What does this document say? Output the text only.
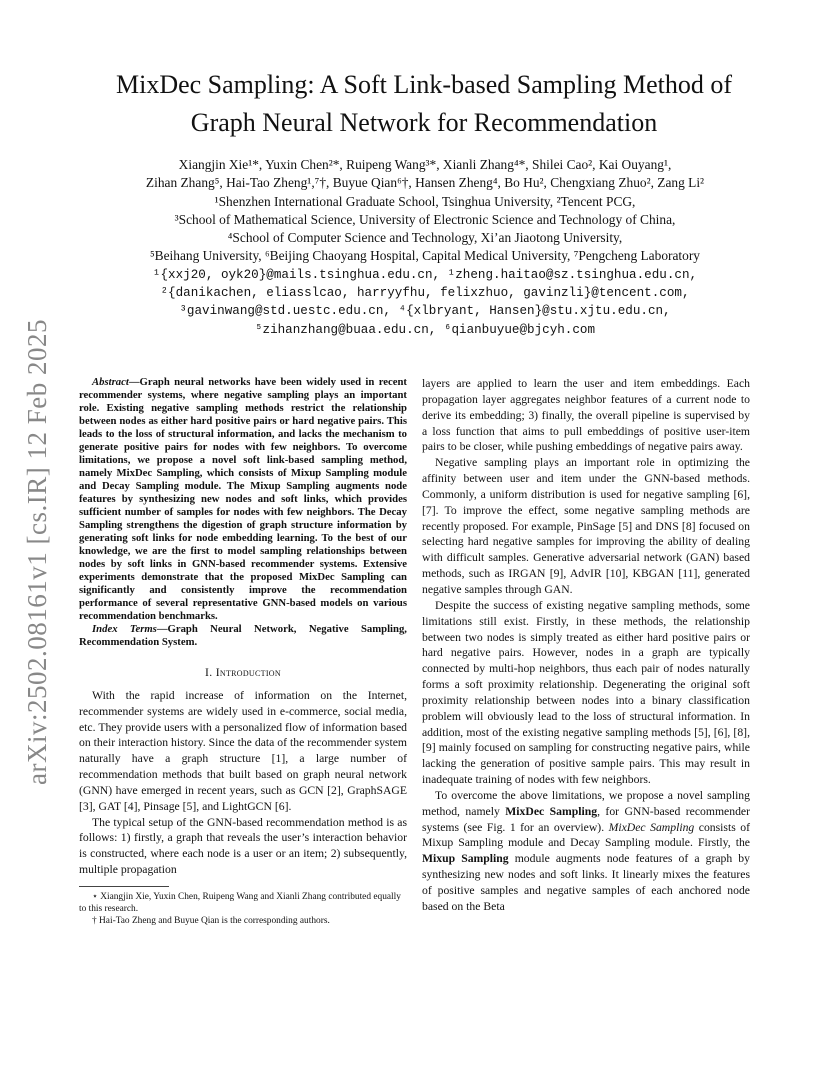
arXiv:2502.08161v1 [cs.IR] 12 Feb 2025
MixDec Sampling: A Soft Link-based Sampling Method of
Graph Neural Network for Recommendation
Xiangjin Xie¹*, Yuxin Chen²*, Ruipeng Wang³*, Xianli Zhang⁴*, Shilei Cao², Kai Ouyang¹,
Zihan Zhang⁵, Hai-Tao Zheng¹,⁷†, Buyue Qian⁶†, Hansen Zheng⁴, Bo Hu², Chengxiang Zhuo², Zang Li²
¹Shenzhen International Graduate School, Tsinghua University, ²Tencent PCG,
³School of Mathematical Science, University of Electronic Science and Technology of China,
⁴School of Computer Science and Technology, Xi’an Jiaotong University,
⁵Beihang University, ⁶Beijing Chaoyang Hospital, Capital Medical University, ⁷Pengcheng Laboratory
¹{xxj20, oyk20}@mails.tsinghua.edu.cn, ¹zheng.haitao@sz.tsinghua.edu.cn,
²{danikachen, eliasslcao, harryyfhu, felixzhuo, gavinzli}@tencent.com,
³gavinwang@std.uestc.edu.cn, ⁴{xlbryant, Hansen}@stu.xjtu.edu.cn,
⁵zihanzhang@buaa.edu.cn, ⁶qianbuyue@bjcyh.com

Abstract—Graph neural networks have been widely used in recent recommender systems, where negative sampling plays an important role. Existing negative sampling methods restrict the relationship between nodes as either hard positive pairs or hard negative pairs. This leads to the loss of structural information, and lacks the mechanism to generate positive pairs for nodes with few neighbors. To overcome limitations, we propose a novel soft link-based sampling method, namely MixDec Sampling, which consists of Mixup Sampling module and Decay Sampling module. The Mixup Sampling augments node features by synthesizing new nodes and soft links, which provides sufficient number of samples for nodes with few neighbors. The Decay Sampling strengthens the digestion of graph structure information by generating soft links for node embedding learning. To the best of our knowledge, we are the first to model sampling relationships between nodes by soft links in GNN-based recommender systems. Extensive experiments demonstrate that the proposed MixDec Sampling can significantly and consistently improve the recommendation performance of several representative GNN-based models on various recommendation benchmarks.

Index Terms—Graph Neural Network, Negative Sampling, Recommendation System.

I. Introduction

With the rapid increase of information on the Internet, recommender systems are widely used in e-commerce, social media, etc. They provide users with a personalized flow of information based on their interaction history. Since the data of the recommender system naturally have a graph structure [1], a large number of recommendation methods that built based on graph neural network (GNN) have emerged in recent years, such as GCN [2], GraphSAGE [3], GAT [4], Pinsage [5], and LightGCN [6].

The typical setup of the GNN-based recommendation method is as follows: 1) firstly, a graph that reveals the user’s interaction behavior is constructed, where each node is a user or an item; 2) subsequently, multiple propagation

⋆ Xiangjin Xie, Yuxin Chen, Ruipeng Wang and Xianli Zhang contributed equally to this research.

† Hai-Tao Zheng and Buyue Qian is the corresponding authors.

layers are applied to learn the user and item embeddings. Each propagation layer aggregates neighbor features of a current node to derive its embedding; 3) finally, the overall pipeline is supervised by a loss function that aims to pull embeddings of positive user-item pairs to be closer, while pushing embeddings of negative pairs away.

Negative sampling plays an important role in optimizing the affinity between user and item under the GNN-based methods. Commonly, a uniform distribution is used for negative sampling [6], [7]. To improve the effect, some negative sampling methods are recently proposed. For example, PinSage [5] and DNS [8] focused on selecting hard negative samples for improving the ability of dealing with difficult samples. Generative adversarial network (GAN) based methods, such as IRGAN [9], AdvIR [10], KBGAN [11], generated negative samples through GAN.

Despite the success of existing negative sampling methods, some limitations still exist. Firstly, in these methods, the relationship between two nodes is simply treated as either hard positive pairs or hard negative pairs. However, nodes in a graph are typically connected by multi-hop neighbors, thus each pair of nodes naturally forms a soft proximity relationship. Degenerating the original soft proximity relationship between nodes into a binary classification problem will obviously lead to the loss of structural information. In addition, most of the existing negative sampling methods [5], [6], [8], [9] mainly focused on sampling for constructing negative pairs, while lacking the generation of positive sample pairs. This may result in inadequate training of nodes with few neighbors.

To overcome the above limitations, we propose a novel sampling method, namely MixDec Sampling, for GNN-based recommender systems (see Fig. 1 for an overview). MixDec Sampling consists of Mixup Sampling module and Decay Sampling module. Firstly, the Mixup Sampling module augments node features of a graph by synthesizing new nodes and soft links. It linearly mixes the features of positive samples and negative samples of each anchored node based on the Beta
